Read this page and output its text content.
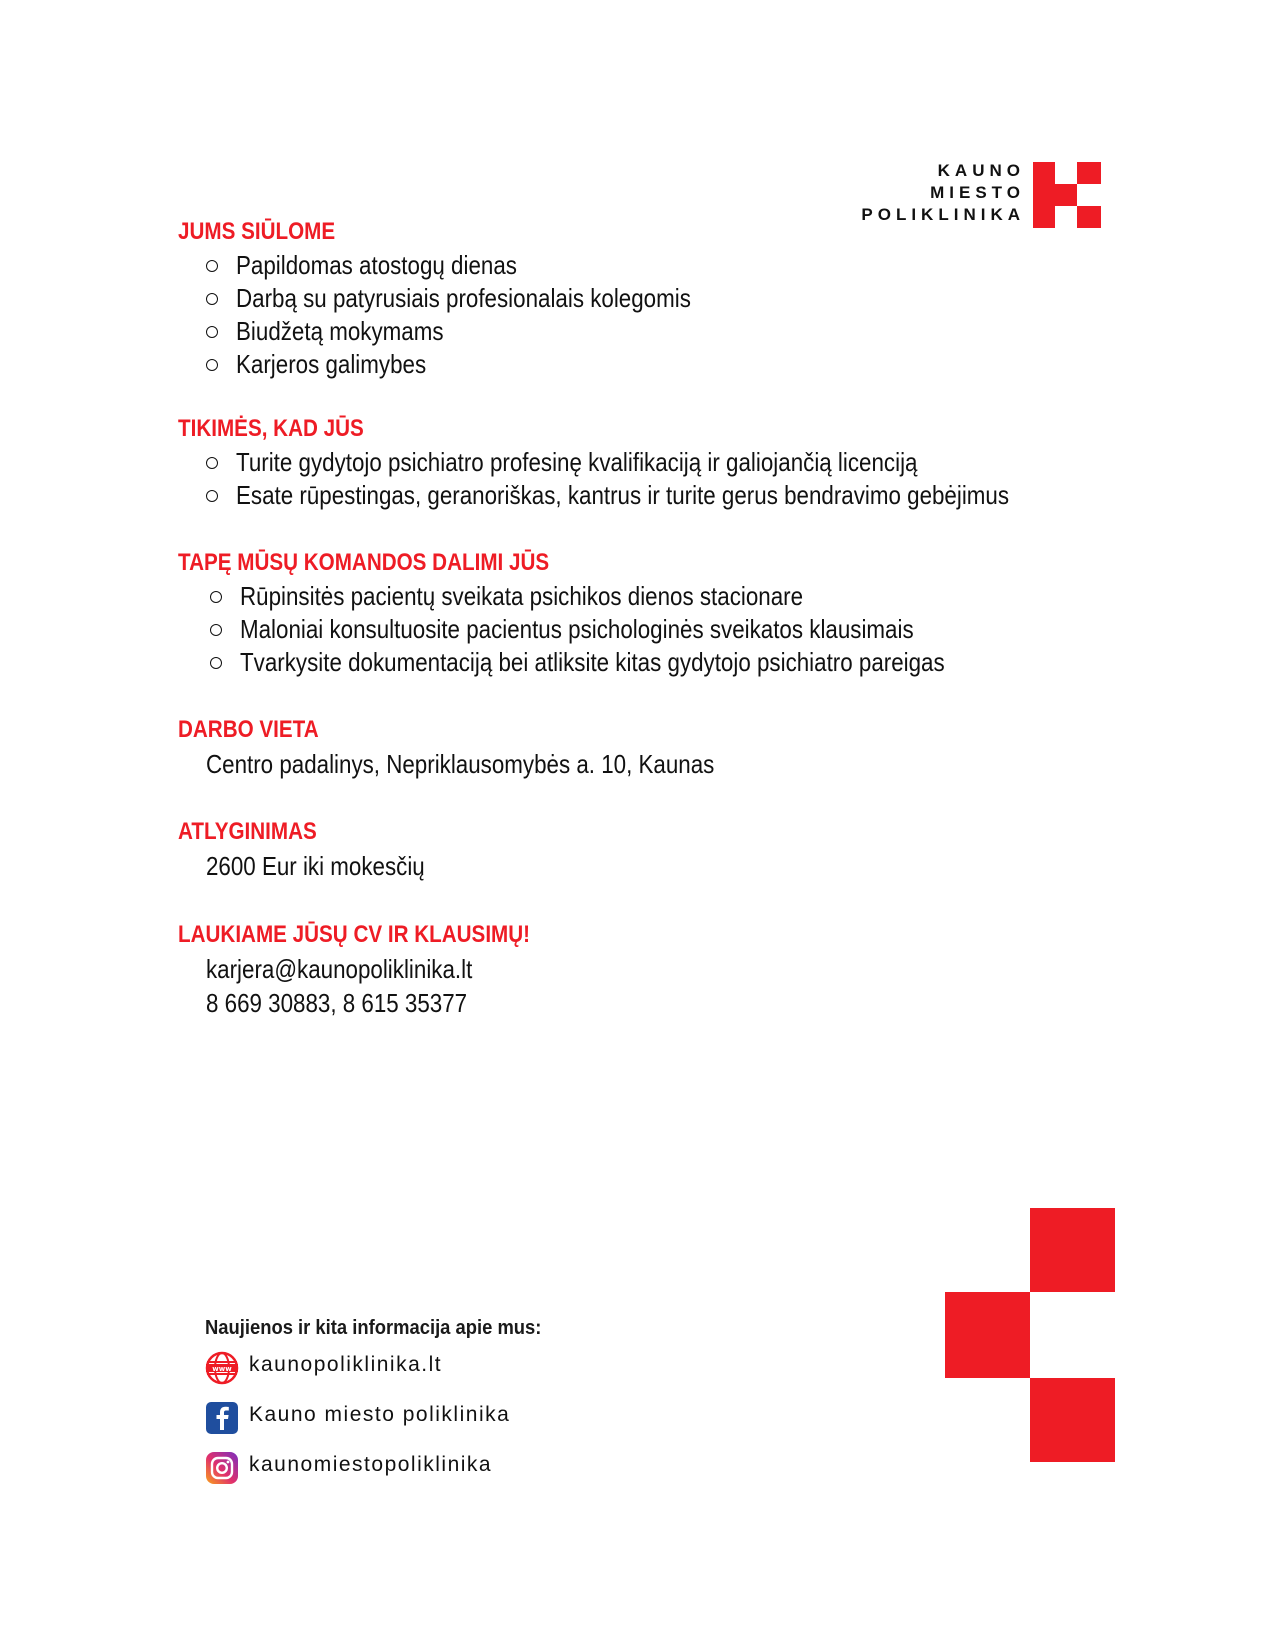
KAUNO
MIESTO
POLIKLINIKA
JUMS SIŪLOME
Papildomas atostogų dienas
Darbą su patyrusiais profesionalais kolegomis
Biudžetą mokymams
Karjeros galimybes
TIKIMĖS, KAD JŪS
Turite gydytojo psichiatro profesinę kvalifikaciją ir galiojančią licenciją
Esate rūpestingas, geranoriškas, kantrus ir turite gerus bendravimo gebėjimus
TAPĘ MŪSŲ KOMANDOS DALIMI JŪS
Rūpinsitės pacientų sveikata psichikos dienos stacionare
Maloniai konsultuosite pacientus psichologinės sveikatos klausimais
Tvarkysite dokumentaciją bei atliksite kitas gydytojo psichiatro pareigas
DARBO VIETA
Centro padalinys, Nepriklausomybės a. 10, Kaunas
ATLYGINIMAS
2600 Eur iki mokesčių
LAUKIAME JŪSŲ CV IR KLAUSIMŲ!
karjera@kaunopoliklinika.lt
8 669 30883, 8 615 35377
Naujienos ir kita informacija apie mus:
www kaunopoliklinika.lt
Kauno miesto poliklinika
kaunomiestopoliklinika
